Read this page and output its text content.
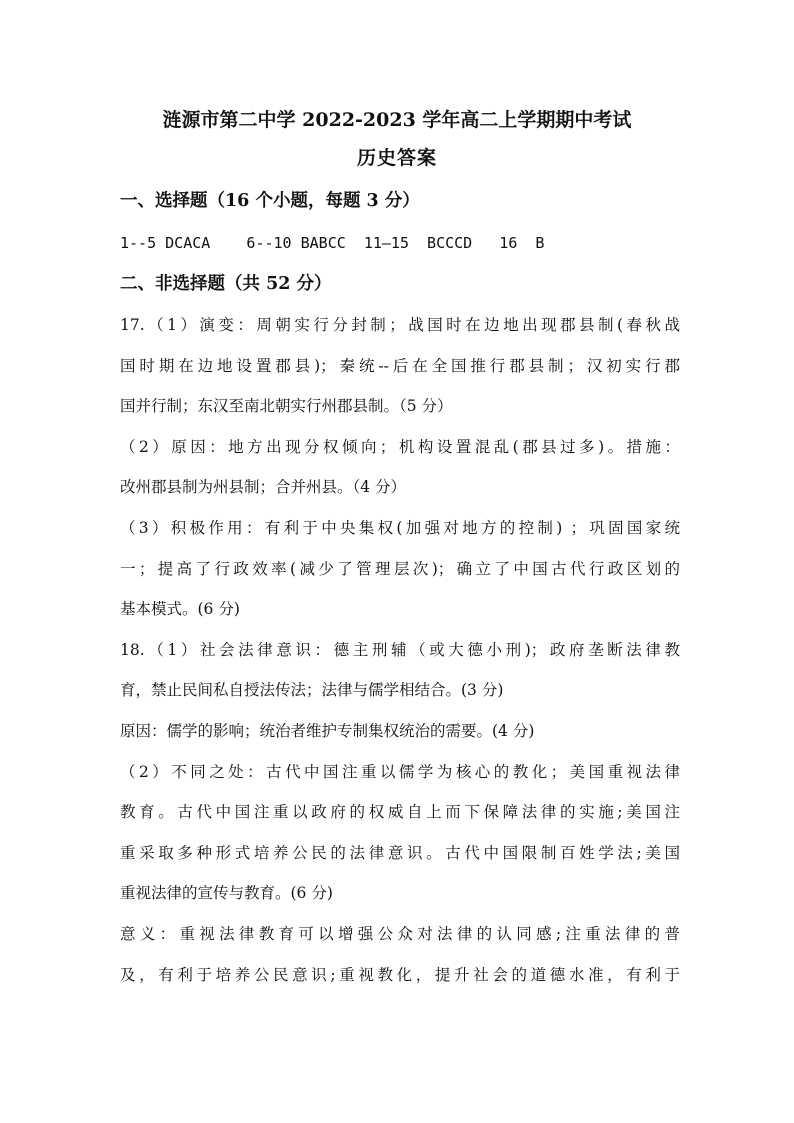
涟源市第二中学 2022-2023 学年高二上学期期中考试
历史答案
一、选择题（16 个小题，每题 3 分）
1--5 DCACA    6--10 BABCC  11—15  BCCCD   16  B
二、非选择题（共 52 分）
17.（1）演变：周朝实行分封制；战国时在边地出现郡县制(春秋战
国时期在边地设置郡县)；秦统--后在全国推行郡县制；汉初实行郡
国并行制；东汉至南北朝实行州郡县制。（5 分）
（2）原因：地方出现分权倾向；机构设置混乱(郡县过多)。措施：
改州郡县制为州县制；合并州县。（4 分）
（3）积极作用：有利于中央集权(加强对地方的控制) ；巩固国家统
一；提高了行政效率(减少了管理层次)；确立了中国古代行政区划的
基本模式。(6 分)
18.（1）社会法律意识：德主刑辅（或大德小刑)；政府垄断法律教
育，禁止民间私自授法传法；法律与儒学相结合。(3 分)
原因：儒学的影响；统治者维护专制集权统治的需要。(4 分)
（2）不同之处：古代中国注重以儒学为核心的教化；美国重视法律
教育。古代中国注重以政府的权威自上而下保障法律的实施;美国注
重采取多种形式培养公民的法律意识。古代中国限制百姓学法;美国
重视法律的宣传与教育。(6 分)
意义：重视法律教育可以增强公众对法律的认同感;注重法律的普
及，有利于培养公民意识;重视教化，提升社会的道德水准，有利于
